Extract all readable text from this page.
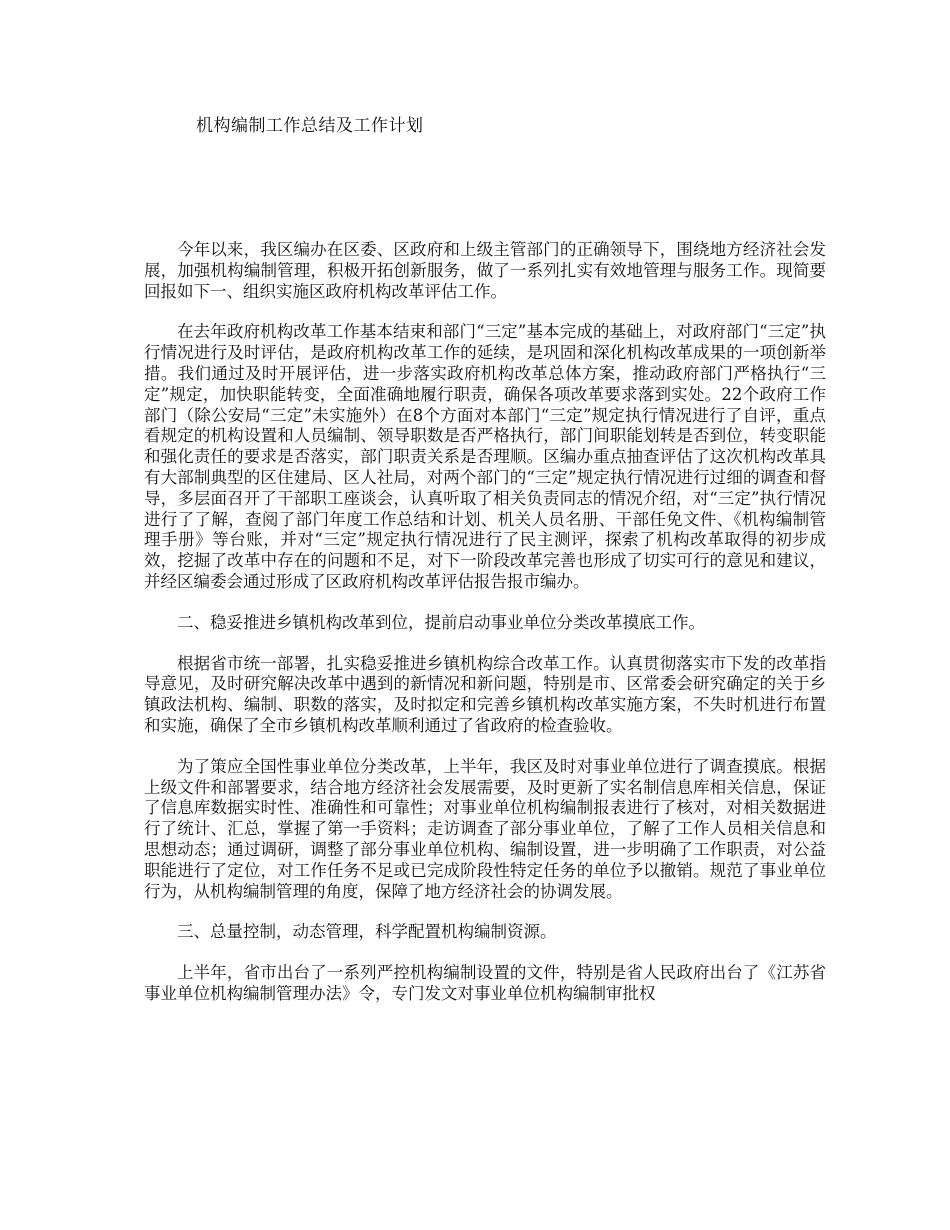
机构编制工作总结及工作计划

今年以来，我区编办在区委、区政府和上级主管部门的正确领导下，围绕地方经济社会发展，加强机构编制管理，积极开拓创新服务，做了一系列扎实有效地管理与服务工作。现简要回报如下一、组织实施区政府机构改革评估工作。

在去年政府机构改革工作基本结束和部门“三定”基本完成的基础上，对政府部门“三定”执行情况进行及时评估，是政府机构改革工作的延续，是巩固和深化机构改革成果的一项创新举措。我们通过及时开展评估，进一步落实政府机构改革总体方案，推动政府部门严格执行“三定”规定，加快职能转变，全面准确地履行职责，确保各项改革要求落到实处。22个政府工作部门（除公安局“三定”未实施外）在8个方面对本部门“三定”规定执行情况进行了自评，重点看规定的机构设置和人员编制、领导职数是否严格执行，部门间职能划转是否到位，转变职能和强化责任的要求是否落实，部门职责关系是否理顺。区编办重点抽查评估了这次机构改革具有大部制典型的区住建局、区人社局，对两个部门的“三定”规定执行情况进行过细的调查和督导，多层面召开了干部职工座谈会，认真听取了相关负责同志的情况介绍，对“三定”执行情况进行了了解，查阅了部门年度工作总结和计划、机关人员名册、干部任免文件、《机构编制管理手册》等台账，并对“三定”规定执行情况进行了民主测评，探索了机构改革取得的初步成效，挖掘了改革中存在的问题和不足，对下一阶段改革完善也形成了切实可行的意见和建议，并经区编委会通过形成了区政府机构改革评估报告报市编办。

二、稳妥推进乡镇机构改革到位，提前启动事业单位分类改革摸底工作。

根据省市统一部署，扎实稳妥推进乡镇机构综合改革工作。认真贯彻落实市下发的改革指导意见，及时研究解决改革中遇到的新情况和新问题，特别是市、区常委会研究确定的关于乡镇政法机构、编制、职数的落实，及时拟定和完善乡镇机构改革实施方案，不失时机进行布置和实施，确保了全市乡镇机构改革顺利通过了省政府的检查验收。

为了策应全国性事业单位分类改革，上半年，我区及时对事业单位进行了调查摸底。根据上级文件和部署要求，结合地方经济社会发展需要，及时更新了实名制信息库相关信息，保证了信息库数据实时性、准确性和可靠性；对事业单位机构编制报表进行了核对，对相关数据进行了统计、汇总，掌握了第一手资料；走访调查了部分事业单位，了解了工作人员相关信息和思想动态；通过调研，调整了部分事业单位机构、编制设置，进一步明确了工作职责，对公益职能进行了定位，对工作任务不足或已完成阶段性特定任务的单位予以撤销。规范了事业单位行为，从机构编制管理的角度，保障了地方经济社会的协调发展。

三、总量控制，动态管理，科学配置机构编制资源。

上半年，省市出台了一系列严控机构编制设置的文件，特别是省人民政府出台了《江苏省事业单位机构编制管理办法》令，专门发文对事业单位机构编制审批权
